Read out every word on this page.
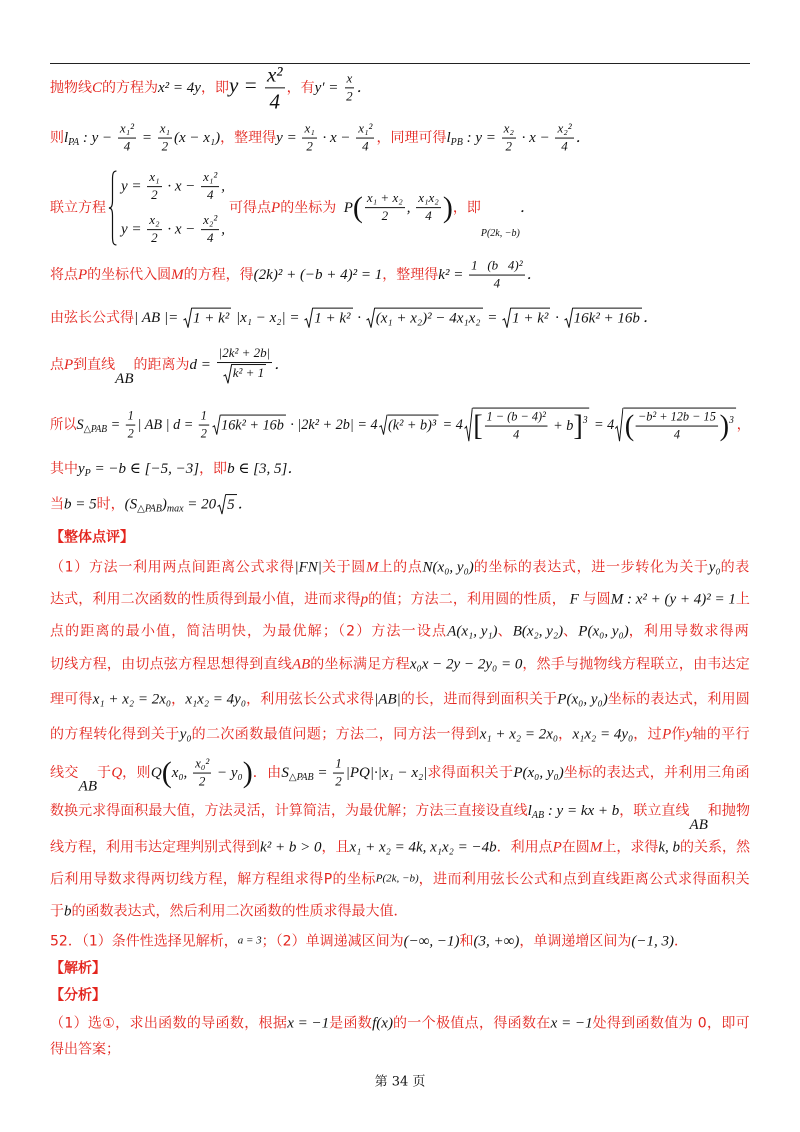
抛物线C的方程为x² = 4y，即$y = \frac{\text{x²}}{4}$ ，有$y' = \frac{x}{2}$ ．
则$l_{PA}$ : $y - \frac{\text{x₁²}}{4} = \frac{\text{x₁}}{2} (x - x_1)$，整理得$y = \frac{\text{x₁}}{2} \cdot x - \frac{\text{x₁²}}{4}$ ，同理可得$l_{PB}$ : $y = \frac{\text{x₂}}{2} \cdot x - \frac{\text{x₂²}}{4}$ ．
联立方程
$y = \frac{\text{x₁}}{2} \cdot x - \frac{\text{x₁²}}{4}$ ,
$y = \frac{\text{x₂}}{2} \cdot x - \frac{\text{x₂²}}{4}$ ,
可得点P的坐标为  $P( \frac{\text{x₁ + x₂}}{2}$ , $\frac{\text{x₁x₂}}{4}$ )，即$_{P(2k, -b)}$．
将点P的坐标代入圆M的方程，得(2k)² + (−b + 4)² = 1，整理得$k^2 = \frac{\text{1   (b   4)²}}{4}$ ．
由弦长公式得| AB |= 1 + k² |x₁ − x₂| = 1 + k² · (x₁ + x₂)² − 4x₁x₂ = 1 + k² · 16k² + 16b ．
点P到直线AB的距离为$d = \frac{\text{|2k² + 2b|}}{\text{k² + 1}}$ ．
所以$S_{\triangle PAB} = \frac{1}{2}$ | AB | $d = \frac{1}{2} 16k^2 + 16b \cdot |2k^2 + 2b| = 4$ (k² + b)³ = 4 [ $\frac{\text{1 − (b − 4)²}}{4} + b]^3 = 4$ ( $\frac{\text{−b² + 12b − 15}}{4} )^3$ ，
其中$y_P = -b$ ∈ [−5, −3]，即b ∈ [3, 5]．
当b = 5时，$(S_{\triangle PAB})_{max} = 20$ 5 ．
【整体点评】
（1）方法一利用两点间距离公式求得|FN|关于圆M上的点N(x₀, y₀)的坐标的表达式，进一步转化为关于y₀的表
达式，利用二次函数的性质得到最小值，进而求得p的值；方法二，利用圆的性质， F 与圆M : x² + (y + 4)² = 1上
点的距离的最小值，简洁明快，为最优解；（2）方法一设点A(x₁, y₁)、B(x₂, y₂)、P(x₀, y₀)，利用导数求得两
切线方程，由切点弦方程思想得到直线AB的坐标满足方程x₀x − 2y − 2y₀ = 0，然手与抛物线方程联立，由韦达定
理可得x₁ + x₂ = 2x₀，x₁x₂ = 4y₀，利用弦长公式求得|AB|的长，进而得到面积关于P(x₀, y₀)坐标的表达式，利用圆
的方程转化得到关于y₀的二次函数最值问题；方法二，同方法一得到x₁ + x₂ = 2x₀，x₁x₂ = 4y₀，过P作y轴的平行
线交AB于Q，则Q(x₀, $\frac{\text{x₀²}}{2} - y_0$)．由$S_{\triangle PAB} = \frac{1}{2} |PQ|\cdot|x_1 - x_2|$求得面积关于P(x₀, y₀)坐标的表达式，并利用三角函
数换元求得面积最大值，方法灵活，计算简洁，为最优解；方法三直接设直线$l_{AB}$ : y = kx + b，联立直线AB和抛物
线方程，利用韦达定理判别式得到k² + b > 0，且x₁ + x₂ = 4k, x₁x₂ = −4b．利用点P在圆M上，求得k, b的关系，然
后利用导数求得两切线方程，解方程组求得P的坐标P(2k, −b)，进而利用弦长公式和点到直线距离公式求得面积关
于b的函数表达式，然后利用二次函数的性质求得最大值．
52．（1）条件性选择见解析，a = 3；（2）单调递减区间为(−∞, −1)和(3, +∞)，单调递增区间为(−1, 3)．
【解析】
【分析】
（1）选①，求出函数的导函数，根据x = −1是函数f(x)的一个极值点，得函数在x = −1处得到函数值为 0，即可
得出答案；
第 34 页
